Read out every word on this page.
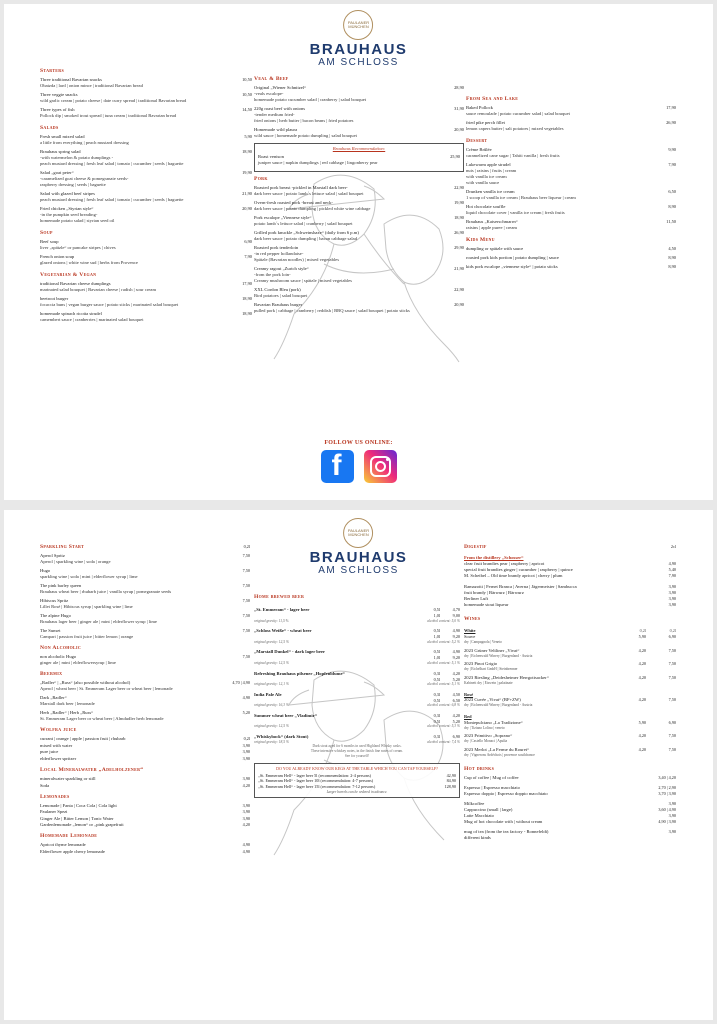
PAULANER
MÜNCHEN
BRAUHAUS
AM SCHLOSS
Starters
Three traditional Bavarian snacks
Obatzda | lard | onion mince | traditional Bavarian bread
10,50
Three veggie snacks
wild garlic cream | potato cheese | date curry spread | traditional Bavarian bread
10,50
Three types of fish
Pollock dip | smoked trout spread | tuna cream | traditional Bavarian bread
14,50
Salads
Fresh small mixed salad
a little from everything | peach mustard dressing
5,90
Brauhaus spring salad
-with watermelon & potato dumplings -
peach mustard dressing | fresh leaf salad | tomato | cucumber | seeds | baguette
18,90
Salad „goat peter“
-caramelized goat cheese & pomegranate seeds-
raspberry dressing | seeds | baguette
19,90
Salad with glazed beef stripes
peach mustard dressing | fresh leaf salad | tomato | cucumber | seeds | baguette
21,90
Fried chicken „Styrian style“
-in the pumpkin seed breading-
homemade potato salad | styrian seed oil
20,90
Soup
Beef soup
liver „spätzle“ or pancake stripes | chives
6,90
French onion soup
glazed onions | white wine sud | herbs from Provence
7,90
Vegetarian & Vegan
traditional Bavarian cheese dumplings
marinated salad bouquet | Bavarian cheese | radish | sour cream
17,90
beetroot burger
focaccia buns | vegan burger sauce | potato sticks | marinated salad bouquet
18,90
homemade spinach ricotta strudel
camembert sauce | cranberries | marinated salad bouquet
18,90
Veal & Beef
Original „Wiener Schnitzel“
-veals escalope-
homemade potato cucumber salad | cranberry | salad bouquet
28,90
220g roast beef with onions
-tender medium fried-
fried onions | herb butter | bacon beans | fried potatoes
31,90
Homemade wild plaura
wild sauce | homemade potato dumpling | salad bouquet
20,90
Brauhaus Recommendation:
Roast venison
juniper sauce | napkin dumplings | red cabbage | lingonberry pear
25,90
Pork
Roasted pork breast -pickled in Marstall dark beer-
dark beer sauce | potato lamb´s lettuce salad | salad bouquet
22,90
Overn-fresh roasted pork -breast and neck-
dark beer sauce | potato dumpling | pickled white wine cabbage
19,90
Pork escalope „Viennese style“
potato lamb´s lettuce salad | cranberry | salad bouquet
18,90
Grilled pork knuckle „Schweinshaxe“ (daily from 6 p.m)
dark beer sauce | potato dumpling | bacon cabbage salad
26,90
Roasted pork tenderloin
-in red pepper hollandaise-
Spätzle (Bavarian noodles) | mixed vegetables
29,90
Creamy ragout „Zurich style“
-from the pork loin-
Creamy mushroom sauce | spätzle | mixed vegetables
21,90
XXL Cordon Bleu (pork)
Bird potatoes | salad bouquet
22,90
Bavarian Brauhaus burger
pulled pork | cabbage | cranberry | reddish | BBQ sauce | salad bouquet | potato sticks
20,90
From Sea and Lake
Baked Pollock
sauce remoulade | potato cucumber salad | salad bouquet
17,90
fried pike perch fillet
lemon capers butter | salt potatoes | mixed vegetables
26,90
Dessert
Crème Brûlée
caramelized cane sugar | Tahiti vanilla | fresh fruits
9,90
Lukewarm apple strudel
nuts | raisins | fruits | cream
with vanilla ice cream
with vanilla sauce
7,90
Drunken vanilla ice cream
1 scoop of vanilla ice cream | Brauhaus beer liqueur | cream
6,50
Hot chocolate souffle
liquid chocolate cover | vanilla ice cream | fresh fruits
8,90
Brauhaus „Kaiserschmarrn“
raisins | apple puree | cream
11,50
Kids Menu
dumpling or spätzle with sauce	4,50
roasted pork kids portion | potato dumpling | sauce	8,90
kids pork escalope „viennese style“ | potato sticks	8,90
FOLLOW US ONLINE:
f

PAULANER
MÜNCHEN
BRAUHAUS
AM SCHLOSS
Sparkling Start	0,2l
Aperol Spritz
Aperol | sparkling wine | soda | orange
7,50
Hugo
sparkling wine | soda | mint | elderflower syrup | lime
7,50
The pink barley queen
Brauhaus wheat beer | rhubarb juice | vanilla syrup | pomegranate seeds
7,50
Hibiscus Spritz
Lillet Rosé | Hibiscus syrup | sparkling wine | lime
7,50
The alpine Hugo
Brauhaus lager beer | ginger ale | mint | elderflower syrup | lime
7,50
The Sunset
Campari | passion fruit juice | bitter lemon | orange
7,50
Non Alcoholic
non alcoholic Hugo
ginger ale | mint | elderflowersyrup | lime
7,50
Beermix
„Radler“ | „Russ“ (also possible without alcohol)
Aperol | wheat beer | St. Emmeram Lager beer or wheat beer | lemonade
4,70 | 4,90
Dark „Radler“
Marstall dark beer | lemonade
4,90
Herb „Radler“ | Herb „Russ“
St. Emmeram Lager beer or wheat beer | Almdudler herb lemonade
5,20
Wolfra juice
currant | orange | apple | passion fruit | rhubarb	0,2l
mixed with water	3,90
pure juice	3,90
elderflower spritzer	3,90
Local Mineralwater „Adelholzener“
mineralwater sparkling or still	3,90
Soda	4,20
Lemonades
Lemonade | Fanta | Coca Cola | Cola light	3,90
Paulaner Spezi	3,90
Ginger Ale | Bitter Lemon | Tonic Water	3,90
Gardenlemonade „lemon“ or „pink grapefruit	4,20
Homemade Lemonade
Apricot thyme lemonade	4,90
Elderflower apple cherry lemonade	4,90
Home brewed beer
„St. Emmeram“ - lager beer	0,5l	4,70
1,0l	9,00
original gravity: 11,5 %	alcohol content: 5,0 %
„Schloss Weiße“ - wheat beer	0,5l	4,90
1,0l	9,20
original gravity: 12,5 %	alcohol content: 5,2 %
„Marstall Dunkel“ - dark lager beer	0,5l	4,90
1,0l	9,20
original gravity: 12,5 %	alcohol content: 5,1 %
Refreshing Brauhaus pilsener „Hopfenblume“	0,3l	4,20
0,5l	5,20
original gravity: 12,1 %	alcohol content: 5,1 %
India Pale Ale	0,3l	4,50
0,5l	6,50
original gravity: 16,3 %	alcohol content: 6,8 %
Summer wheat beer „Vladimir“	0,3l	4,20
0,5l	5,20
original gravity: 12,5 %	alcohol content: 5,3 %
„Whiskybock“ (dark Stout)	0,3l	6,90
original gravity: 18,5 %	alcohol content: 7,4 %
Dark stout aged for 6 months in used Highland Whisky casks.
These intensive whiskey notes, in the finish fine notes of cream.
See for yourself!
DO YOU ALREADY KNOW OUR KEGS AT THE TABLE WHICH YOU CAN TAP YOURSELF?
„St. Emmeram Hell“ - lager beer 5l (recommendation: 2-4 persons)	42,90
„St. Emmeram Hell“ - lager beer 10l (recommendation: 4-7 persons)	84,90
„St. Emmeram Hell“ - lager beer 15l (recommendation: 7-12 persons)	128,90
Larger barrels can be ordered in advance.
Digestif	2cl
From the distillery „Schosser“
clear fruit brandies pear | raspberry | apricot	4,90
special fruit brandies ginger | cucumber | raspberry | quince	5,40
M. Scheibel – Old time brandy apricot | cherry | plum	7,90
Ramazotti | Fernet Branca | Averna | Jägermeister | Sambucca	3,90
fruit brandy | Bärwurz | Bärwurz	3,90
Berliner Luft	3,90
homemade stout liqueur	3,90
Wines
White	0,2l	0,2l
Soave
dry | Campagnola | Veneto
5,90	6,90
2023 Grüner Veltliner „Vivat“
dry | Eichenwald Winery | Burgenland - Austria
4,20	7,50
2023 Pinot Grigio
dry | Eichelhart GmbH | Steinbrenner
4,20	7,50
2023 Riesling „Deidesheimer Herrgottsacker“
Kabinett dry | Eiswein | palatinate
4,20	7,50
Rosé
2023 Cuvée „Vivat“ (BF+ZW)
dry | Eichenwald Winery | Burgenland - Austria
4,20	7,50
Red
Montepulciano „La Tradizione“
dry | Tiziano Lolino | veneto
5,90	6,90
2023 Primitivo „Soprano“
dry | Castello Monaci | Apulia
4,20	7,50
2023 Merlot „La Ferme du Rouret“
dry | Vignerons Ardéchois | provence southfrance
4,20	7,50
Hot drinks
Cup of coffee | Mug of coffee	3,40 | 4,20
Espresso | Espresso macchiato	2,70 | 2,90
Espresso doppio | Espresso doppio macchiato	3,70 | 3,90
Milkcoffee	3,90
Cappuccino (small | large)	3,60 | 4,90
Latte Macchiato	3,90
Mug of hot chocolate with | without cream	4,90 | 3,90
mug of tea (from the tea factory - Ronnefeldt)
different kinds
3,90
